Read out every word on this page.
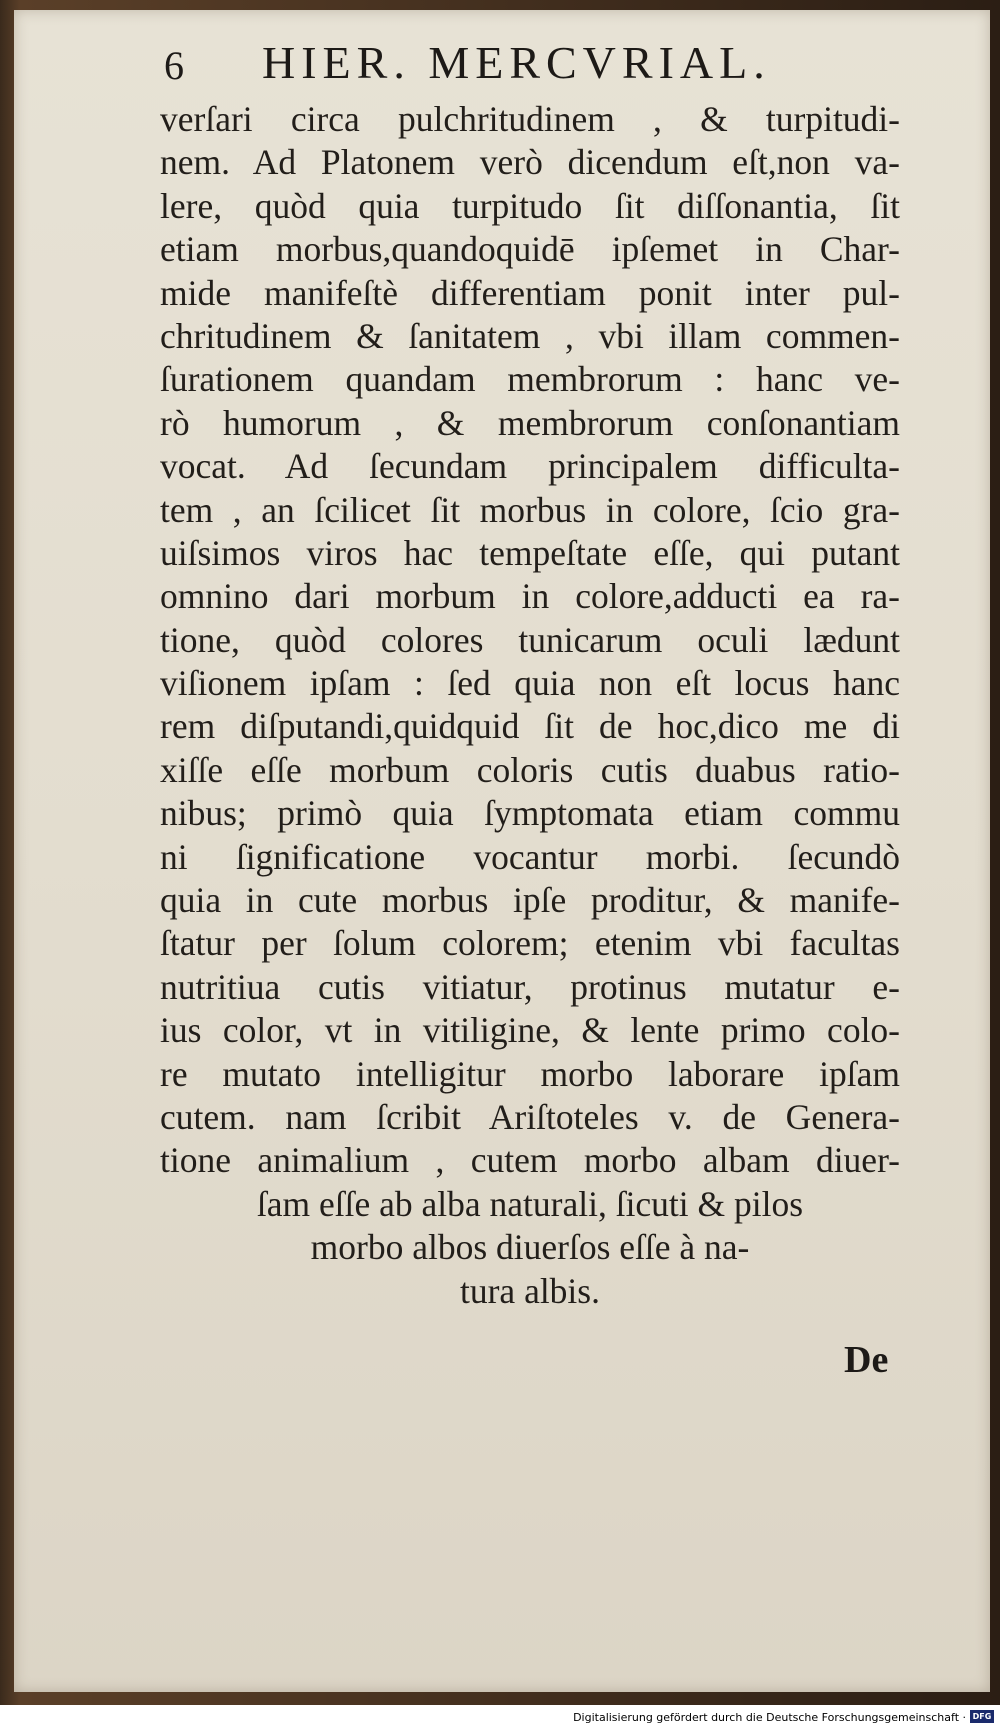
6 HIER. MERCVRIAL.
verſari circa pulchritudinem , & turpitudi-
nem. Ad Platonem verò dicendum eſt,non va-
lere, quòd quia turpitudo ſit diſſonantia, ſit
etiam morbus,quandoquidē ipſemet in Char-
mide manifeſtè differentiam ponit inter pul-
chritudinem & ſanitatem , vbi illam commen-
ſurationem quandam membrorum : hanc ve-
rò humorum , & membrorum conſonantiam
vocat. Ad ſecundam principalem difficulta-
tem , an ſcilicet ſit morbus in colore, ſcio gra-
uiſsimos viros hac tempeſtate eſſe, qui putant
omnino dari morbum in colore,adducti ea ra-
tione, quòd colores tunicarum oculi lædunt
viſionem ipſam : ſed quia non eſt locus hanc
rem diſputandi,quidquid ſit de hoc,dico me di
xiſſe eſſe morbum coloris cutis duabus ratio-
nibus; primò quia ſymptomata etiam commu
ni ſignificatione vocantur morbi. ſecundò
quia in cute morbus ipſe proditur, & manife-
ſtatur per ſolum colorem; etenim vbi facultas
nutritiua cutis vitiatur, protinus mutatur e-
ius color, vt in vitiligine, & lente primo colo-
re mutato intelligitur morbo laborare ipſam
cutem. nam ſcribit Ariſtoteles v. de Genera-
tione animalium , cutem morbo albam diuer-
ſam eſſe ab alba naturali, ſicuti & pilos
morbo albos diuerſos eſſe à na-
tura albis.
De
Digitalisierung gefördert durch die Deutsche Forschungsgemeinschaft · DFG
